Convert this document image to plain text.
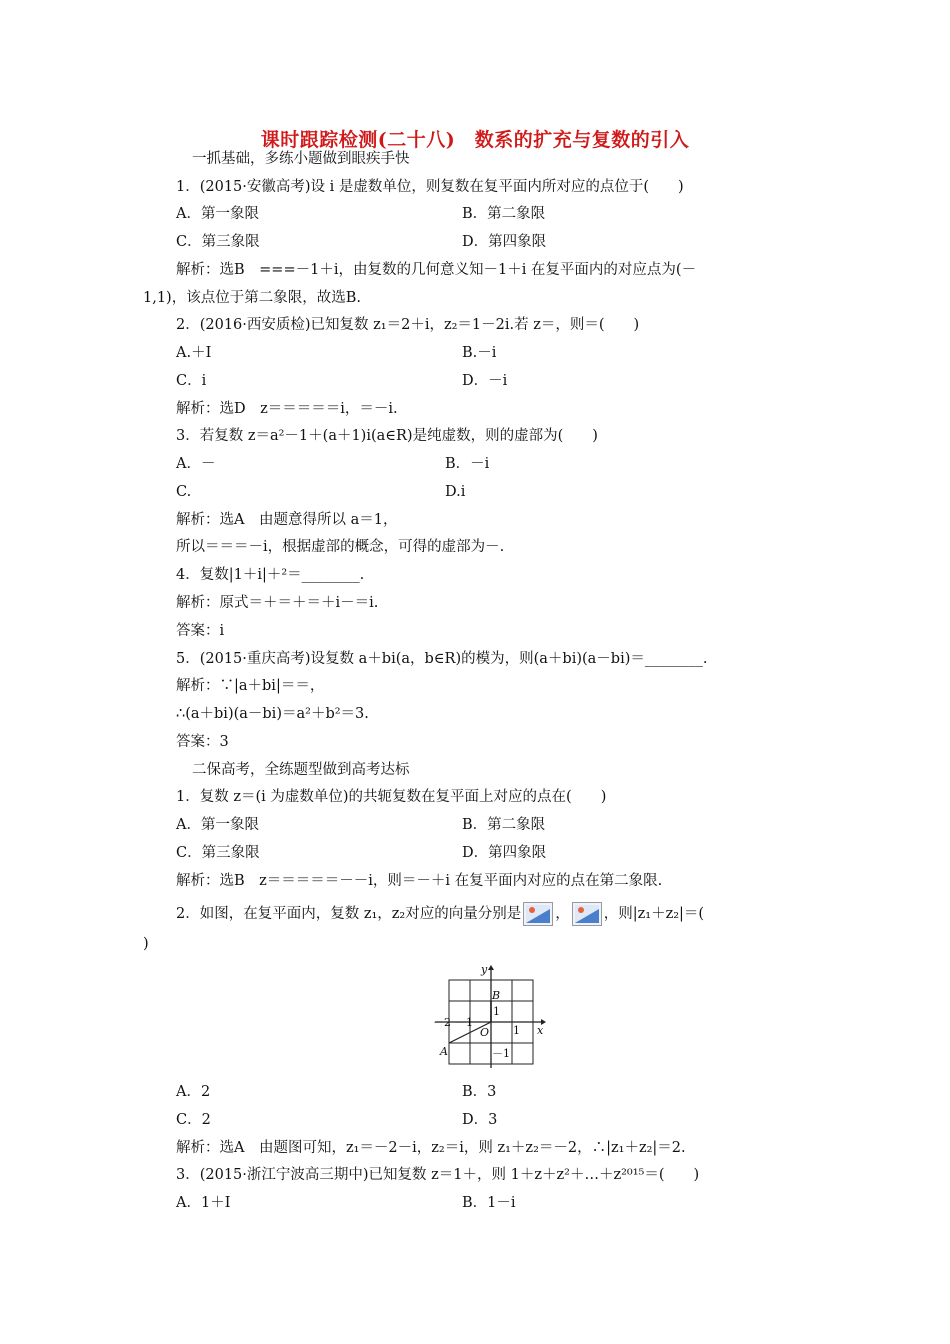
课时跟踪检测(二十八)　数系的扩充与复数的引入
一抓基础，多练小题做到眼疾手快
1．(2015·安徽高考)设 i 是虚数单位，则复数在复平面内所对应的点位于(　　)
A．第一象限	B．第二象限
C．第三象限	D．第四象限
解析：选B　===－1＋i，由复数的几何意义知－1＋i 在复平面内的对应点为(－
1,1)，该点位于第二象限，故选B.
2．(2016·西安质检)已知复数 z₁＝2＋i，z₂＝1－2i.若 z＝，则＝(　　)
A.＋I	B.－i
C．i	D．－i
解析：选D　z＝＝＝＝＝i，＝－i.
3．若复数 z＝a²－1＋(a＋1)i(a∈R)是纯虚数，则的虚部为(　　)
A．－	B．－i
C.	D.i
解析：选A　由题意得所以 a＝1，
所以＝＝＝－i，根据虚部的概念，可得的虚部为－.
4．复数|1＋i|＋²＝________.
解析：原式＝＋＝＋＝＋i－＝i.
答案：i
5．(2015·重庆高考)设复数 a＋bi(a，b∈R)的模为，则(a＋bi)(a－bi)＝________.
解析：∵|a＋bi|＝＝，
∴(a＋bi)(a－bi)＝a²＋b²＝3.
答案：3
二保高考，全练题型做到高考达标
1．复数 z＝(i 为虚数单位)的共轭复数在复平面上对应的点在(　　)
A．第一象限	B．第二象限
C．第三象限	D．第四象限
解析：选B　z＝＝＝＝＝－－i，则＝－＋i 在复平面内对应的点在第二象限.
2．如图，在复平面内，复数 z₁，z₂对应的向量分别是 ， ，则|z₁＋z₂|＝(
)
y
x
B
A
O
1
1
－1
－2
－1
A．2	B．3
C．2	D．3
解析：选A　由题图可知，z₁＝－2－i，z₂＝i，则 z₁＋z₂＝－2，∴|z₁＋z₂|＝2.
3．(2015·浙江宁波高三期中)已知复数 z＝1＋，则 1＋z＋z²＋…＋z²⁰¹⁵＝(　　)
A．1＋I	B．1－i
